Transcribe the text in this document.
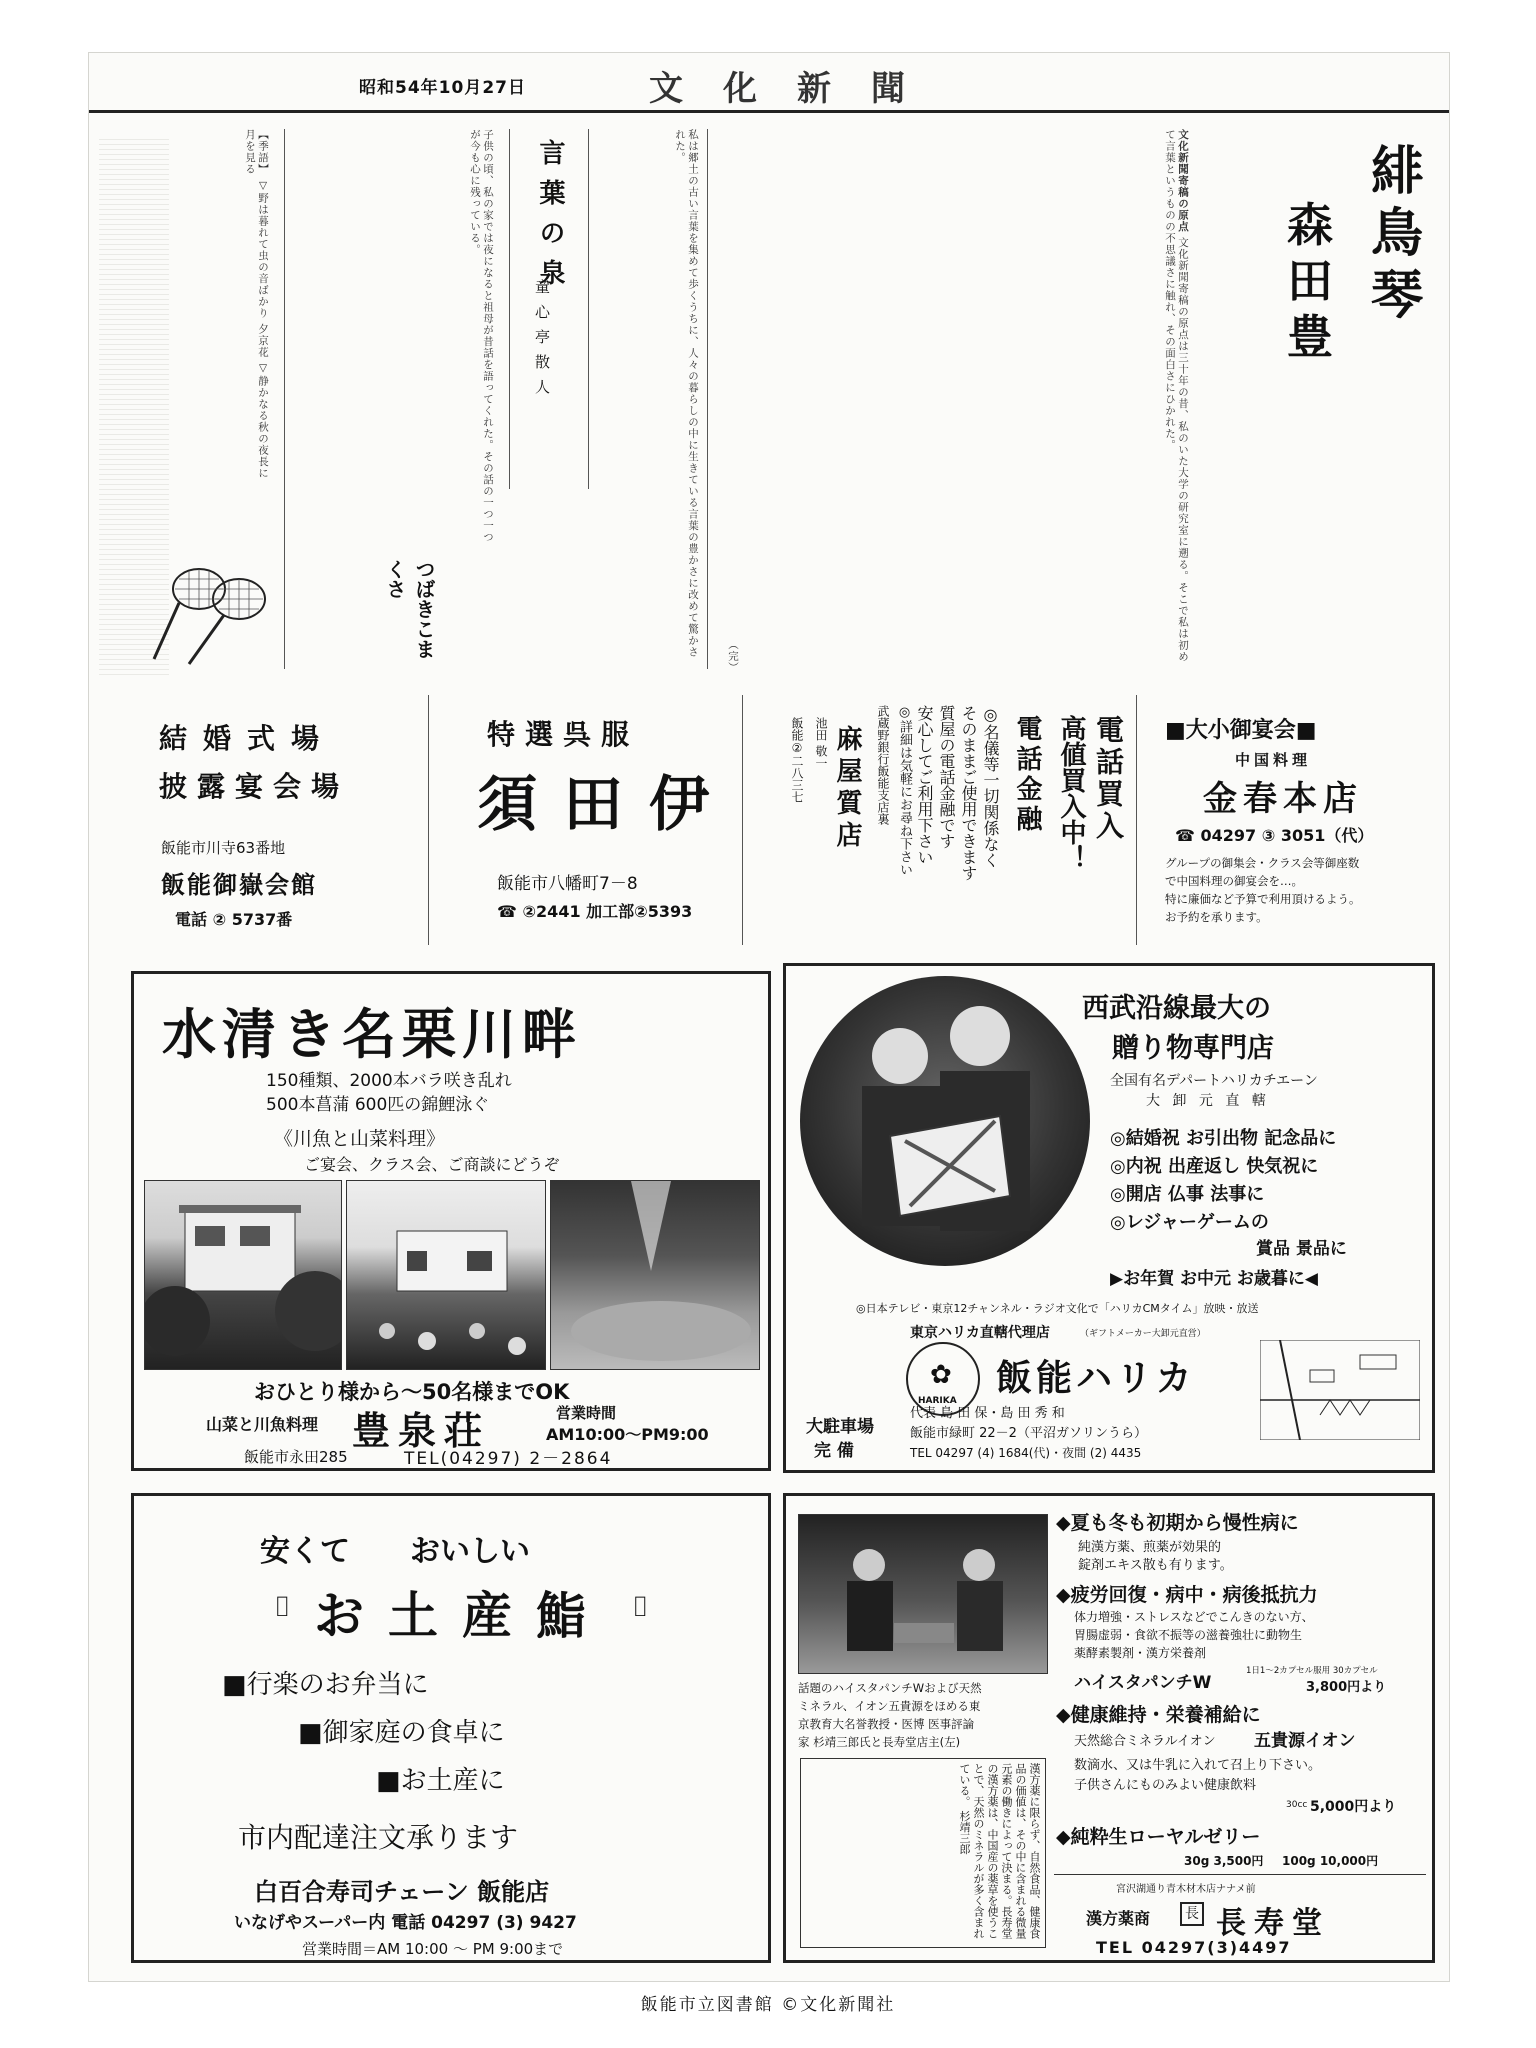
昭和54年10月27日	文化新聞
【季語】 ▽野は暮れて虫の音ばかり 夕京花 ▽静かなる秋の夜長に 月を見る	子供の頃、私の家では夜になると祖母が昔話を語ってくれた。その話の一つ一つが今も心に残っている。	言葉の泉
童心亭散人	私は郷土の古い言葉を集めて歩くうちに、人々の暮らしの中に生きている言葉の豊かさに改めて驚かされた。	文化新聞寄稿の原点 文化新聞寄稿の原点は三十年の昔、私のいた大学の研究室に遡る。そこで私は初めて言葉というものの不思議さに触れ、その面白さにひかれた。
（完）
緋
鳥
琴
森
田
豊
つばきこまくさ
結婚式場
披露宴会場
飯能市川寺63番地
飯能御嶽会館
電話 ② 5737番
特選呉服
須田伊
飯能市八幡町7－8
☎ ②2441 加工部②5393
電話買入
高値買入中！
電話金融
◎名儀等一切関係なく
そのままご使用できます
質屋の電話金融です
安心してご利用下さい
◎詳細は気軽にお尋ね下さい
武蔵野銀行飯能支店裏
麻屋質店
池田 敬一
飯能②二八三七	■大小御宴会■
中国料理
金春本店
☎ 04297 ③ 3051（代）
グループの御集会・クラス会等御座数
で中国料理の御宴会を…。
特に廉価など予算で利用頂けるよう。
お予約を承ります。
水清き名栗川畔
150種類、2000本バラ咲き乱れ
500本菖蒲 600匹の錦鯉泳ぐ
《川魚と山菜料理》
ご宴会、クラス会、ご商談にどうぞ
おひとり様から～50名様までOK
山菜と川魚料理 豊泉荘	営業時間
AM10:00～PM9:00
飯能市永田285	TEL(04297) 2－2864
西武沿線最大の
贈り物専門店
全国有名デパートハリカチエーン
大 卸 元 直 轄
◎結婚祝 お引出物 記念品に
◎内祝 出産返し 快気祝に
◎開店 仏事 法事に
◎レジャーゲームの
賞品 景品に
▶お年賀 お中元 お歳暮に◀
◎日本テレビ・東京12チャンネル・ラジオ文化で「ハリカCMタイム」放映・放送
東京ハリカ直轄代理店	（ギフトメーカー大卸元直営）
✿
HARIKA
飯能ハリカ
大駐車場
完 備
代表 島 田 保・島 田 秀 和
飯能市緑町 22－2（平沼ガソリンうら）
TEL 04297 (4) 1684(代)・夜間 (2) 4435
安くて おいしい
お土産鮨
⌷	⌷
■行楽のお弁当に
■御家庭の食卓に
■お土産に
市内配達注文承ります
白百合寿司チェーン 飯能店
いなげやスーパー内 電話 04297 (3) 9427
営業時間＝AM 10:00 ～ PM 9:00まで
話題のハイスタパンチWおよび天然
ミネラル、イオン五貴源をほめる東
京教育大名誉教授・医博 医事評論
家 杉靖三郎氏と長寿堂店主(左)
漢方薬に限らず、自然食品、健康食品の価値は、その中に含まれる微量元素の働きによって決まる。長寿堂の漢方薬は、中国産の薬草を使うことで、天然のミネラルが多く含まれている。 杉靖三郎
◆夏も冬も初期から慢性病に
純漢方薬、煎薬が効果的
錠剤エキス散も有ります。
◆疲労回復・病中・病後抵抗力
体力増強・ストレスなどでこんきのない方、
胃腸虚弱・食欲不振等の滋養強壮に動物生
薬酵素製剤・漢方栄養剤
ハイスタパンチW
1日1～2カプセル服用 30カプセル
3,800円より
◆健康維持・栄養補給に
天然総合ミネラルイオン 五貴源イオン
数滴水、又は牛乳に入れて召上り下さい。
子供さんにものみよい健康飲料
30cc 5,000円より
◆純粋生ローヤルゼリー
30g 3,500円 100g 10,000円
宮沢湖通り青木材木店ナナメ前
漢方薬商 長寿堂
長
TEL 04297(3)4497
飯能市立図書館 ©文化新聞社
